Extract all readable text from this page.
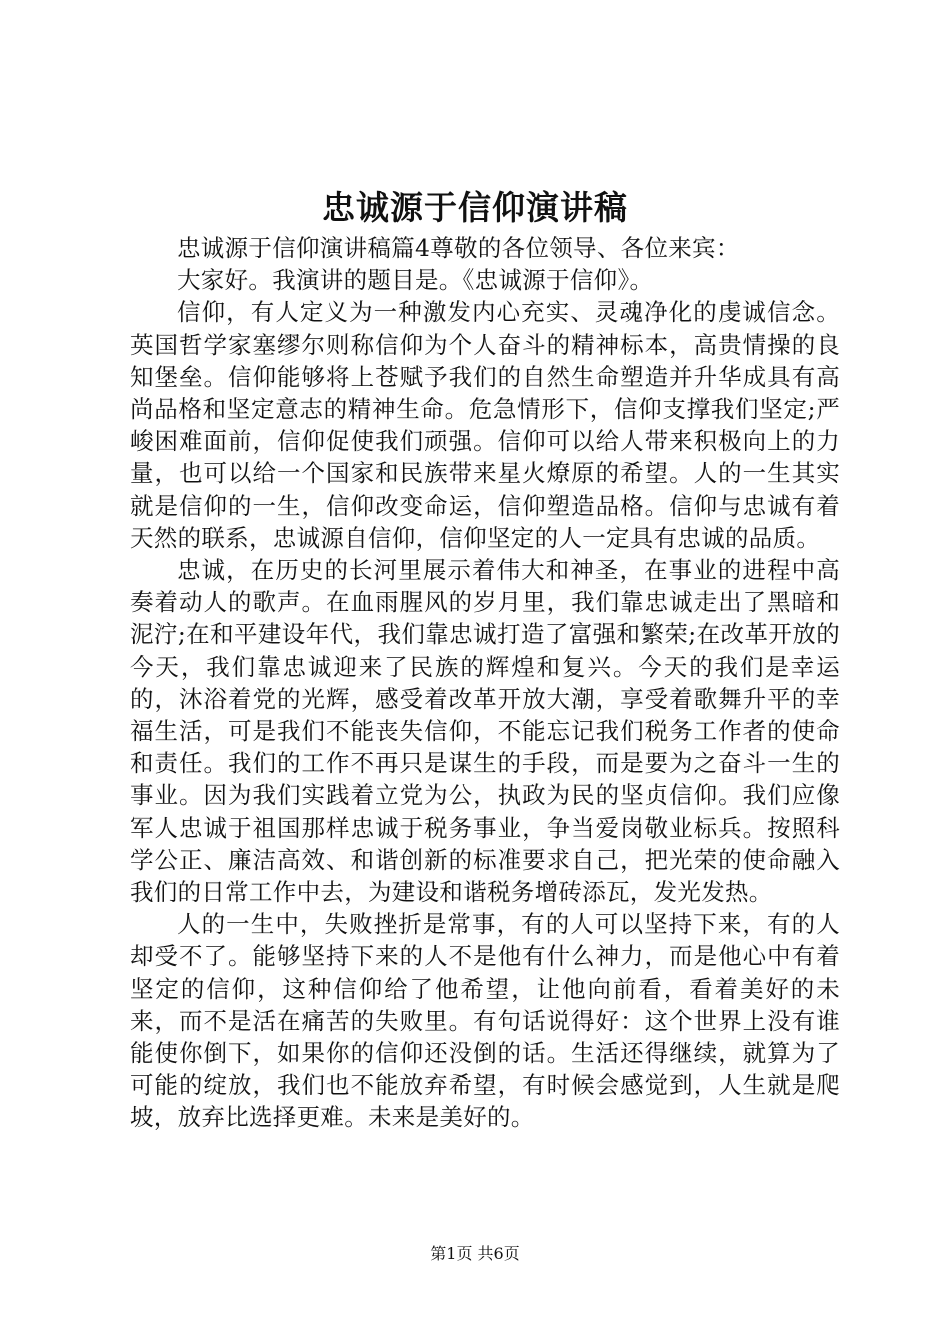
忠诚源于信仰演讲稿

忠诚源于信仰演讲稿篇4尊敬的各位领导、各位来宾：

大家好。我演讲的题目是。《忠诚源于信仰》。

信仰，有人定义为一种激发内心充实、灵魂净化的虔诚信念。英国哲学家塞缪尔则称信仰为个人奋斗的精神标本，高贵情操的良知堡垒。信仰能够将上苍赋予我们的自然生命塑造并升华成具有高尚品格和坚定意志的精神生命。危急情形下，信仰支撑我们坚定;严峻困难面前，信仰促使我们顽强。信仰可以给人带来积极向上的力量，也可以给一个国家和民族带来星火燎原的希望。人的一生其实就是信仰的一生，信仰改变命运，信仰塑造品格。信仰与忠诚有着天然的联系，忠诚源自信仰，信仰坚定的人一定具有忠诚的品质。

忠诚，在历史的长河里展示着伟大和神圣，在事业的进程中高奏着动人的歌声。在血雨腥风的岁月里，我们靠忠诚走出了黑暗和泥泞;在和平建设年代，我们靠忠诚打造了富强和繁荣;在改革开放的今天，我们靠忠诚迎来了民族的辉煌和复兴。今天的我们是幸运的，沐浴着党的光辉，感受着改革开放大潮，享受着歌舞升平的幸福生活，可是我们不能丧失信仰，不能忘记我们税务工作者的使命和责任。我们的工作不再只是谋生的手段，而是要为之奋斗一生的事业。因为我们实践着立党为公，执政为民的坚贞信仰。我们应像军人忠诚于祖国那样忠诚于税务事业，争当爱岗敬业标兵。按照科学公正、廉洁高效、和谐创新的标准要求自己，把光荣的使命融入我们的日常工作中去，为建设和谐税务增砖添瓦，发光发热。

人的一生中，失败挫折是常事，有的人可以坚持下来，有的人却受不了。能够坚持下来的人不是他有什么神力，而是他心中有着坚定的信仰，这种信仰给了他希望，让他向前看，看着美好的未来，而不是活在痛苦的失败里。有句话说得好：这个世界上没有谁能使你倒下，如果你的信仰还没倒的话。生活还得继续，就算为了可能的绽放，我们也不能放弃希望，有时候会感觉到，人生就是爬坡，放弃比选择更难。未来是美好的。

第1页 共6页
